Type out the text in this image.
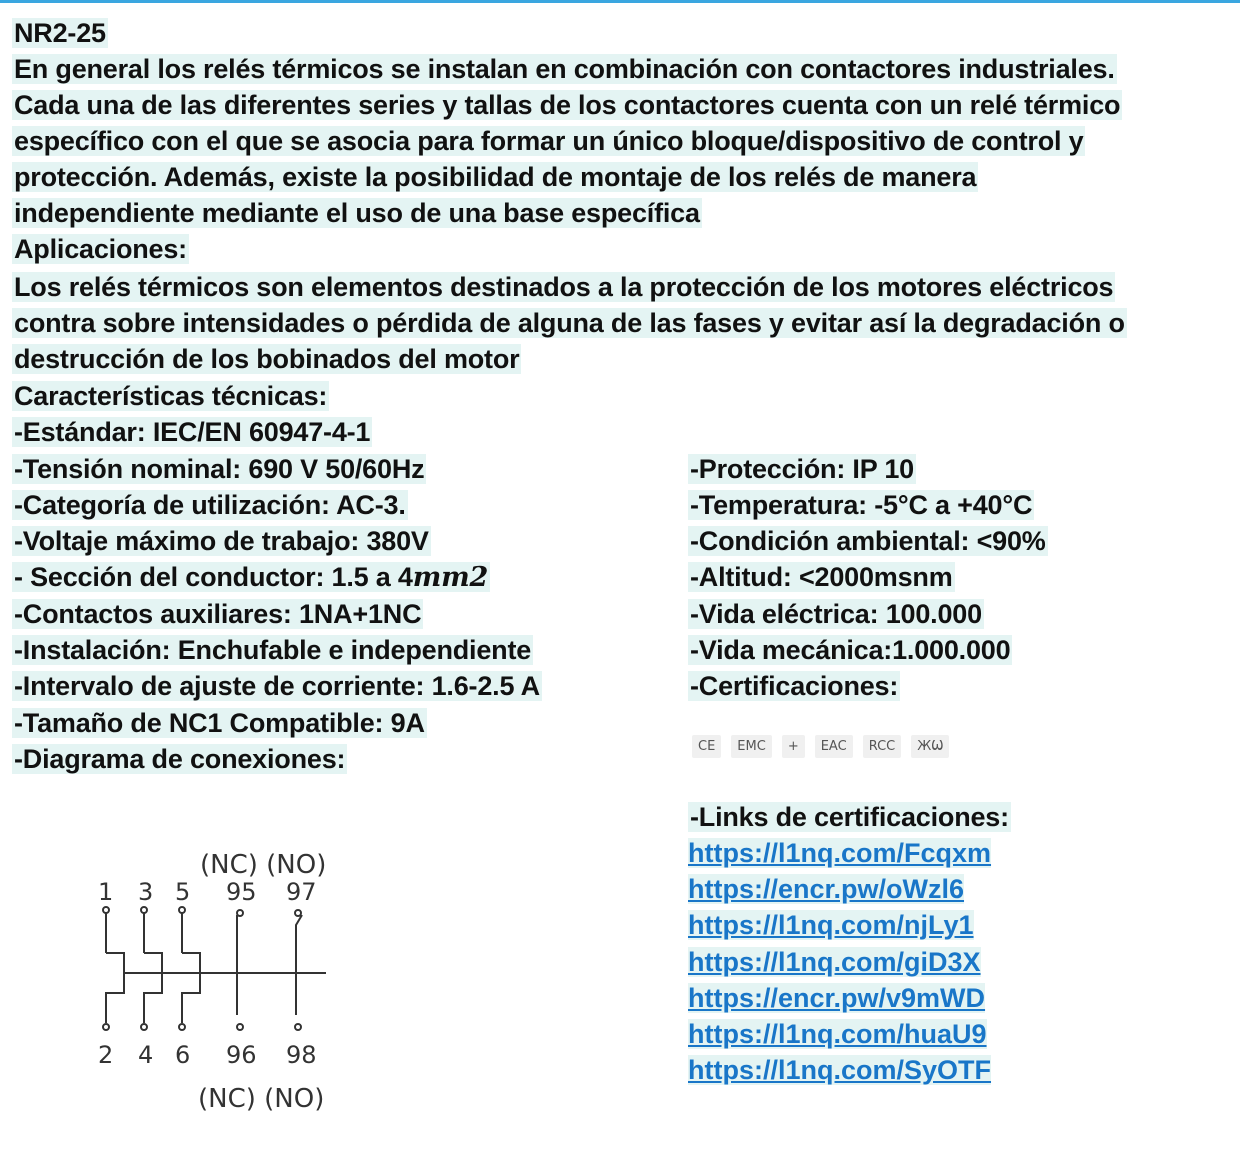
NR2-25
En general los relés térmicos se instalan en combinación con contactores industriales.
Cada una de las diferentes series y tallas de los contactores cuenta con un relé térmico
específico con el que se asocia para formar un único bloque/dispositivo de control y
protección. Además, existe la posibilidad de montaje de los relés de manera
independiente mediante el uso de una base específica
Aplicaciones:
Los relés térmicos son elementos destinados a la protección de los motores eléctricos
contra sobre intensidades o pérdida de alguna de las fases y evitar así la degradación o
destrucción de los bobinados del motor
Características técnicas:
-Estándar: IEC/EN 60947-4-1
-Tensión nominal: 690 V 50/60Hz
-Categoría de utilización: AC-3.
-Voltaje máximo de trabajo: 380V
- Sección del conductor: 1.5 a 4mm2
-Contactos auxiliares: 1NA+1NC
-Instalación: Enchufable e independiente
-Intervalo de ajuste de corriente: 1.6-2.5 A
-Tamaño de NC1 Compatible: 9A
-Diagrama de conexiones:
-Protección: IP 10
-Temperatura: -5°C a +40°C
-Condición ambiental: <90%
-Altitud: <2000msnm
-Vida eléctrica: 100.000
-Vida mecánica:1.000.000
-Certificaciones:
CE	EMC	+	EAC	RCC	ЖѠ
-Links de certificaciones:
https://l1nq.com/Fcqxm
https://encr.pw/oWzl6
https://l1nq.com/njLy1
https://l1nq.com/giD3X
https://encr.pw/v9mWD
https://l1nq.com/huaU9
https://l1nq.com/SyOTF
(NC) (NO)
1 3 5 95 97
2 4 6 96 98
(NC) (NO)
